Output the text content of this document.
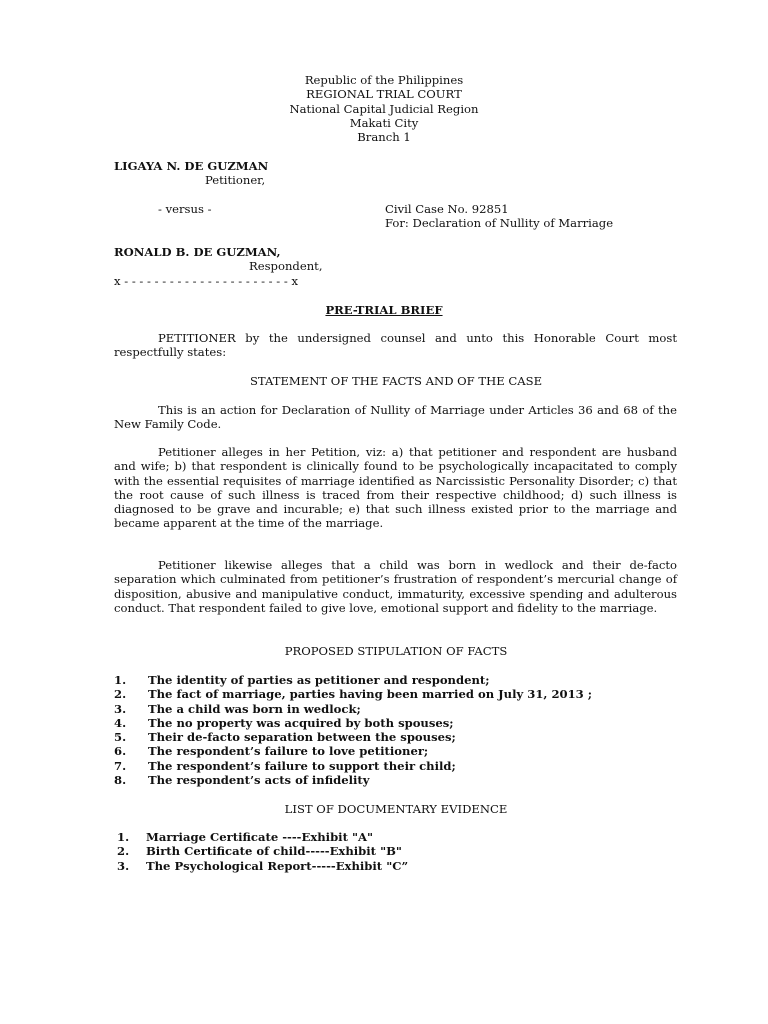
Republic of the Philippines
REGIONAL TRIAL COURT
National Capital Judicial Region
Makati City
Branch 1
LIGAYA N. DE GUZMAN
Petitioner,
- versus -	Civil Case No. 92851
For: Declaration of Nullity of Marriage
RONALD B. DE GUZMAN,
Respondent,
x - - - - - - - - - - - - - - - - - - - - - - x
PRE-TRIAL BRIEF
PETITIONER by the undersigned counsel and unto this Honorable Court most respectfully states:
STATEMENT OF THE FACTS AND OF THE CASE
This is an action for Declaration of Nullity of Marriage under Articles 36 and 68 of the New Family Code.
Petitioner alleges in her Petition, viz: a) that petitioner and respondent are husband and wife; b) that respondent is clinically found to be psychologically incapacitated to comply with the essential requisites of marriage identified as Narcissistic Personality Disorder; c) that the root cause of such illness is traced from their respective childhood; d) such illness is diagnosed to be grave and incurable; e) that such illness existed prior to the marriage and became apparent at the time of the marriage.
Petitioner likewise alleges that a child was born in wedlock and their de-facto separation which culminated from petitioner’s frustration of respondent’s mercurial change of disposition, abusive and manipulative conduct, immaturity, excessive spending and adulterous conduct. That respondent failed to give love, emotional support and fidelity to the marriage.
PROPOSED STIPULATION OF FACTS
1. The identity of parties as petitioner and respondent;
2. The fact of marriage, parties having been married on July 31, 2013 ;
3. The a child was born in wedlock;
4. The no property was acquired by both spouses;
5. Their de-facto separation between the spouses;
6. The respondent’s failure to love petitioner;
7. The respondent’s failure to support their child;
8. The respondent’s acts of infidelity
LIST OF DOCUMENTARY EVIDENCE
1. Marriage Certificate ----Exhibit "A"
2. Birth Certificate of child-----Exhibit "B"
3. The Psychological Report-----Exhibit "C”
